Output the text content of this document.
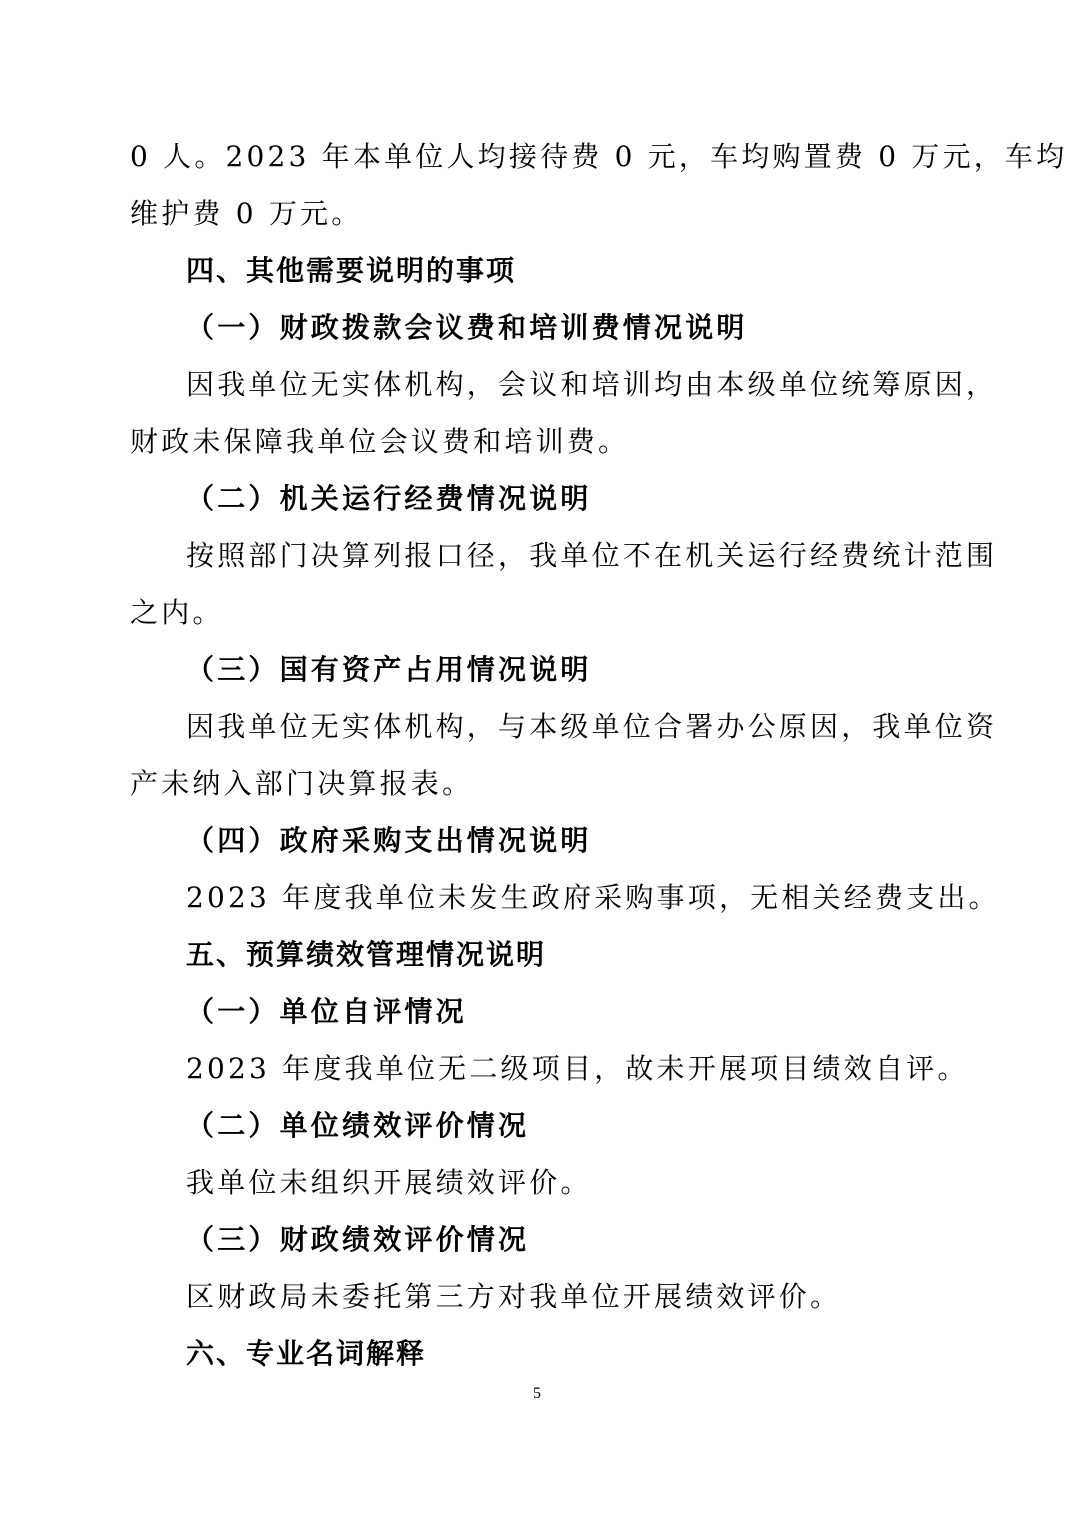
0 人。2023 年本单位人均接待费 0 元，车均购置费 0 万元，车均
维护费 0 万元。
四、其他需要说明的事项
（一）财政拨款会议费和培训费情况说明
因我单位无实体机构，会议和培训均由本级单位统筹原因，
财政未保障我单位会议费和培训费。
（二）机关运行经费情况说明
按照部门决算列报口径，我单位不在机关运行经费统计范围
之内。
（三）国有资产占用情况说明
因我单位无实体机构，与本级单位合署办公原因，我单位资
产未纳入部门决算报表。
（四）政府采购支出情况说明
2023 年度我单位未发生政府采购事项，无相关经费支出。
五、预算绩效管理情况说明
（一）单位自评情况
2023 年度我单位无二级项目，故未开展项目绩效自评。
（二）单位绩效评价情况
我单位未组织开展绩效评价。
（三）财政绩效评价情况
区财政局未委托第三方对我单位开展绩效评价。
六、专业名词解释
5
